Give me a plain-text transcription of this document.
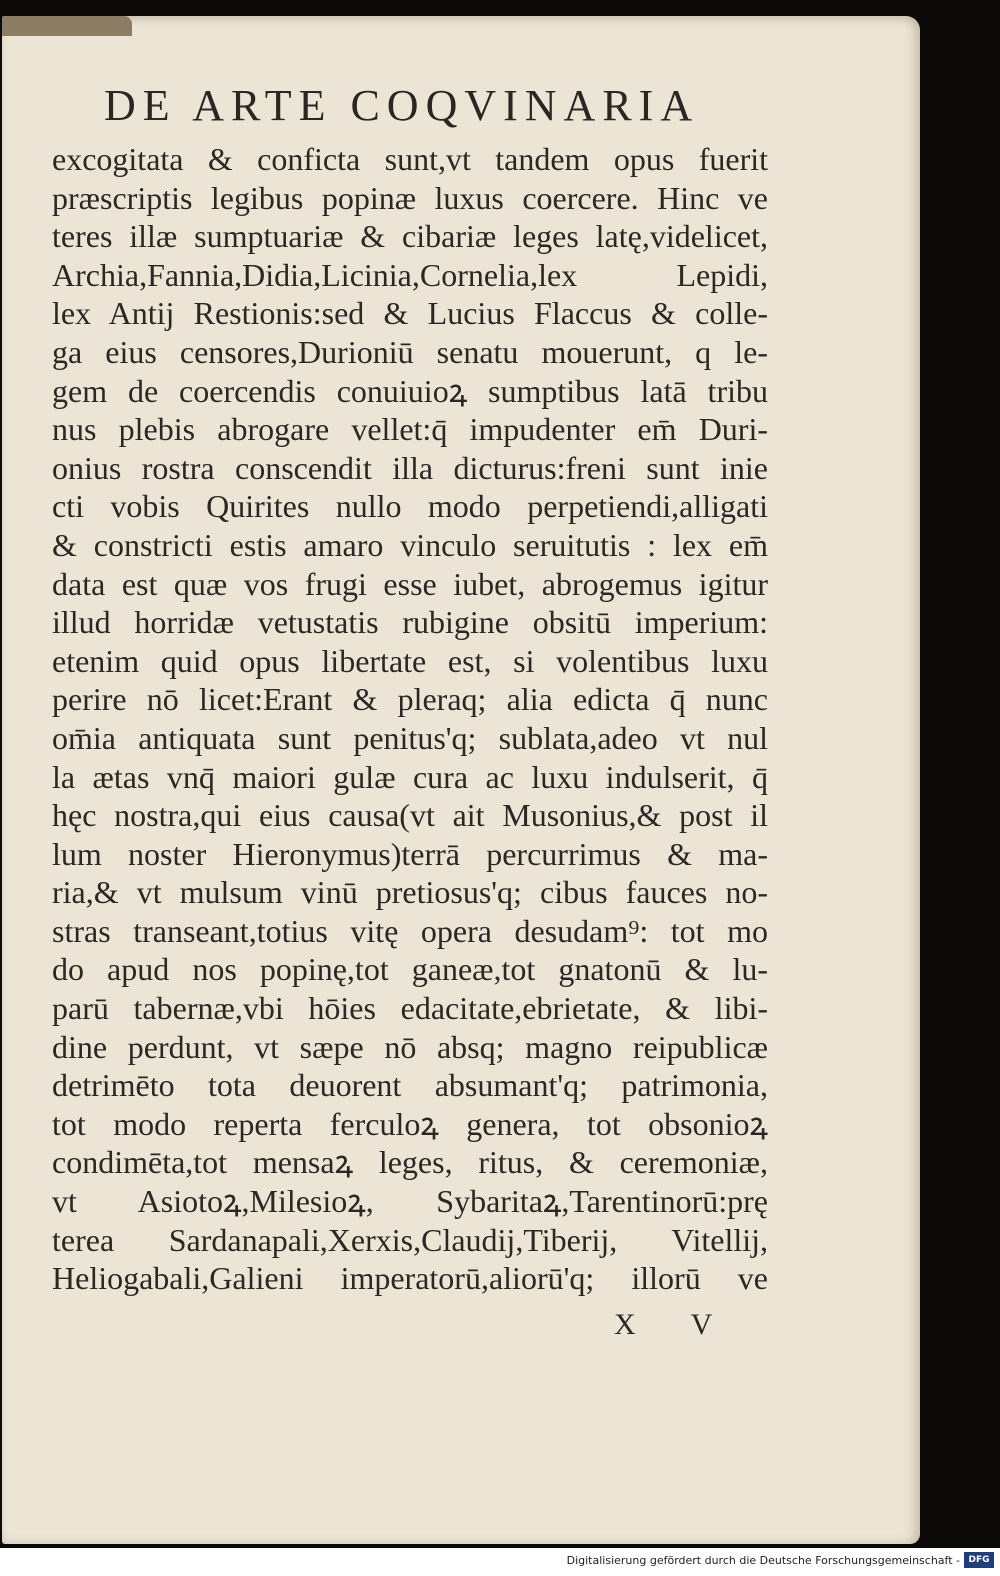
DE ARTE COQVINARIA
excogitata & conficta sunt,vt tandem opus fuerit
præscriptis legibus popinæ luxus coercere. Hinc ve
teres illæ sumptuariæ & cibariæ leges latę,videlicet,
Archia,Fannia,Didia,Licinia,Cornelia,lex Lepidi,
lex Antij Restionis:sed & Lucius Flaccus & colle-
ga eius censores,Durioniū senatu mouerunt, q le-
gem de coercendis conuiuioꝝ sumptibus latā tribu
nus plebis abrogare vellet:q̄ impudenter em̄ Duri-
onius rostra conscendit illa dicturus:freni sunt inie
cti vobis Quirites nullo modo perpetiendi,alligati
& constricti estis amaro vinculo seruitutis : lex em̄
data est quæ vos frugi esse iubet, abrogemus igitur
illud horridæ vetustatis rubigine obsitū imperium:
etenim quid opus libertate est, si volentibus luxu
perire nō licet:Erant & pleraq; alia edicta q̄ nunc
om̄ia antiquata sunt penitus'q; sublata,adeo vt nul
la ætas vnq̄ maiori gulæ cura ac luxu indulserit, q̄
hęc nostra,qui eius causa(vt ait Musonius,& post il
lum noster Hieronymus)terrā percurrimus & ma-
ria,& vt mulsum vinū pretiosus'q; cibus fauces no-
stras transeant,totius vitę opera desudam⁹: tot mo
do apud nos popinę,tot ganeæ,tot gnatonū & lu-
parū tabernæ,vbi hōies edacitate,ebrietate, & libi-
dine perdunt, vt sæpe nō absq; magno reipublicæ
detrimēto tota deuorent absumant'q; patrimonia,
tot modo reperta ferculoꝝ genera, tot obsonioꝝ
condimēta,tot mensaꝝ leges, ritus, & ceremoniæ,
vt Asiotoꝝ,Milesioꝝ, Sybaritaꝝ,Tarentinorū:prę
terea Sardanapali,Xerxis,Claudij,Tiberij, Vitellij,
Heliogabali,Galieni imperatorū,aliorū'q; illorū ve
X V
Digitalisierung gefördert durch die Deutsche Forschungsgemeinschaft - DFG
